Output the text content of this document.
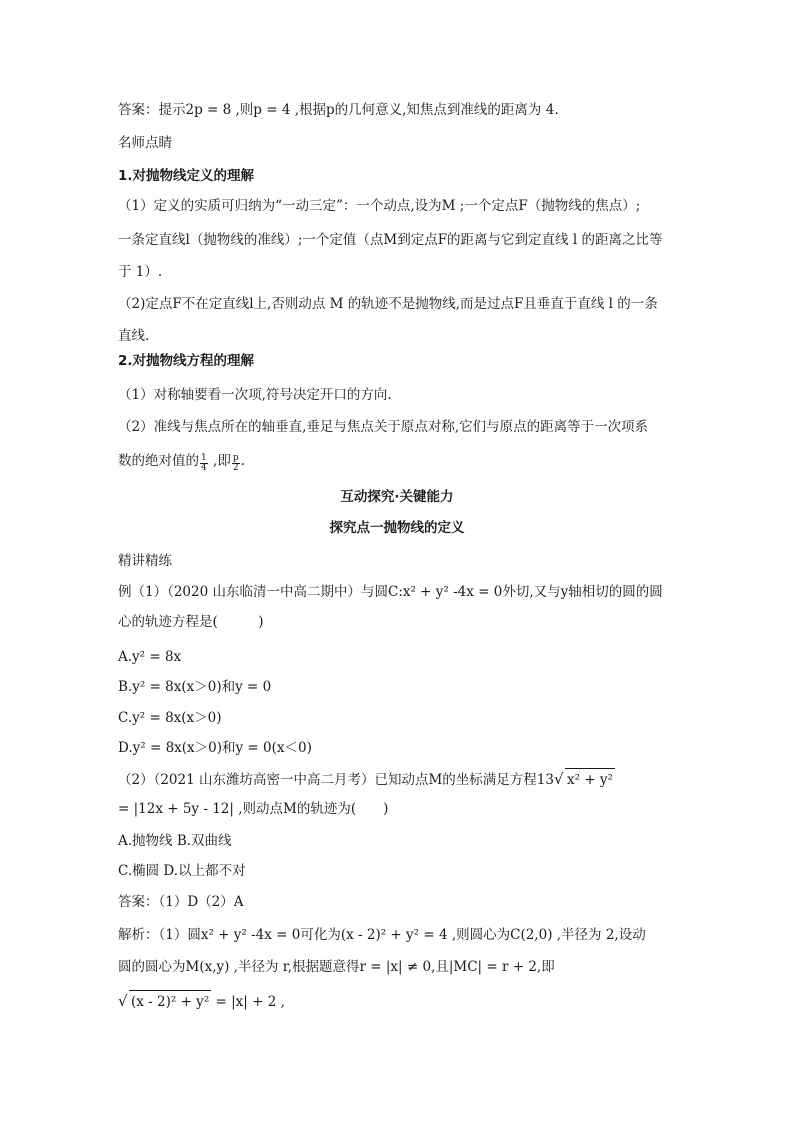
答案：提示2p = 8 ,则p = 4 ,根据p的几何意义,知焦点到准线的距离为 4.
名师点睛
1.对抛物线定义的理解
（1）定义的实质可归纳为“一动三定”：一个动点,设为M ;一个定点F（抛物线的焦点）;
一条定直线l（抛物线的准线）;一个定值（点M到定点F的距离与它到定直线 l 的距离之比等
于 1）.
（2)定点F不在定直线l上,否则动点 M 的轨迹不是抛物线,而是过点F且垂直于直线 l 的一条
直线.
2.对抛物线方程的理解
（1）对称轴要看一次项,符号决定开口的方向.
（2）准线与焦点所在的轴垂直,垂足与焦点关于原点对称,它们与原点的距离等于一次项系
数的绝对值的 $\frac{1}{4}$ ,即 $\frac{p}{2}$ .
互动探究·关键能力
探究点一抛物线的定义
精讲精练
例（1）（2020 山东临清一中高二期中）与圆C:x² + y² -4x = 0外切,又与y轴相切的圆的圆
心的轨迹方程是(　　　)
A.y² = 8x
B.y² = 8x(x＞0)和y = 0
C.y² = 8x(x＞0)
D.y² = 8x(x＞0)和y = 0(x＜0)
（2）（2021 山东潍坊高密一中高二月考）已知动点M的坐标满足方程13 √ x² + y²
= |12x + 5y - 12| ,则动点M的轨迹为(　　)
A.抛物线 B.双曲线
C.椭圆 D.以上都不对
答案：（1）D（2）A
解析：（1）圆x² + y² -4x = 0可化为(x - 2)² + y² = 4 ,则圆心为C(2,0) ,半径为 2,设动
圆的圆心为M(x,y) ,半径为 r,根据题意得r = |x| ≠ 0,且|MC| = r + 2,即
√ (x - 2)² + y² = |x| + 2 ,
